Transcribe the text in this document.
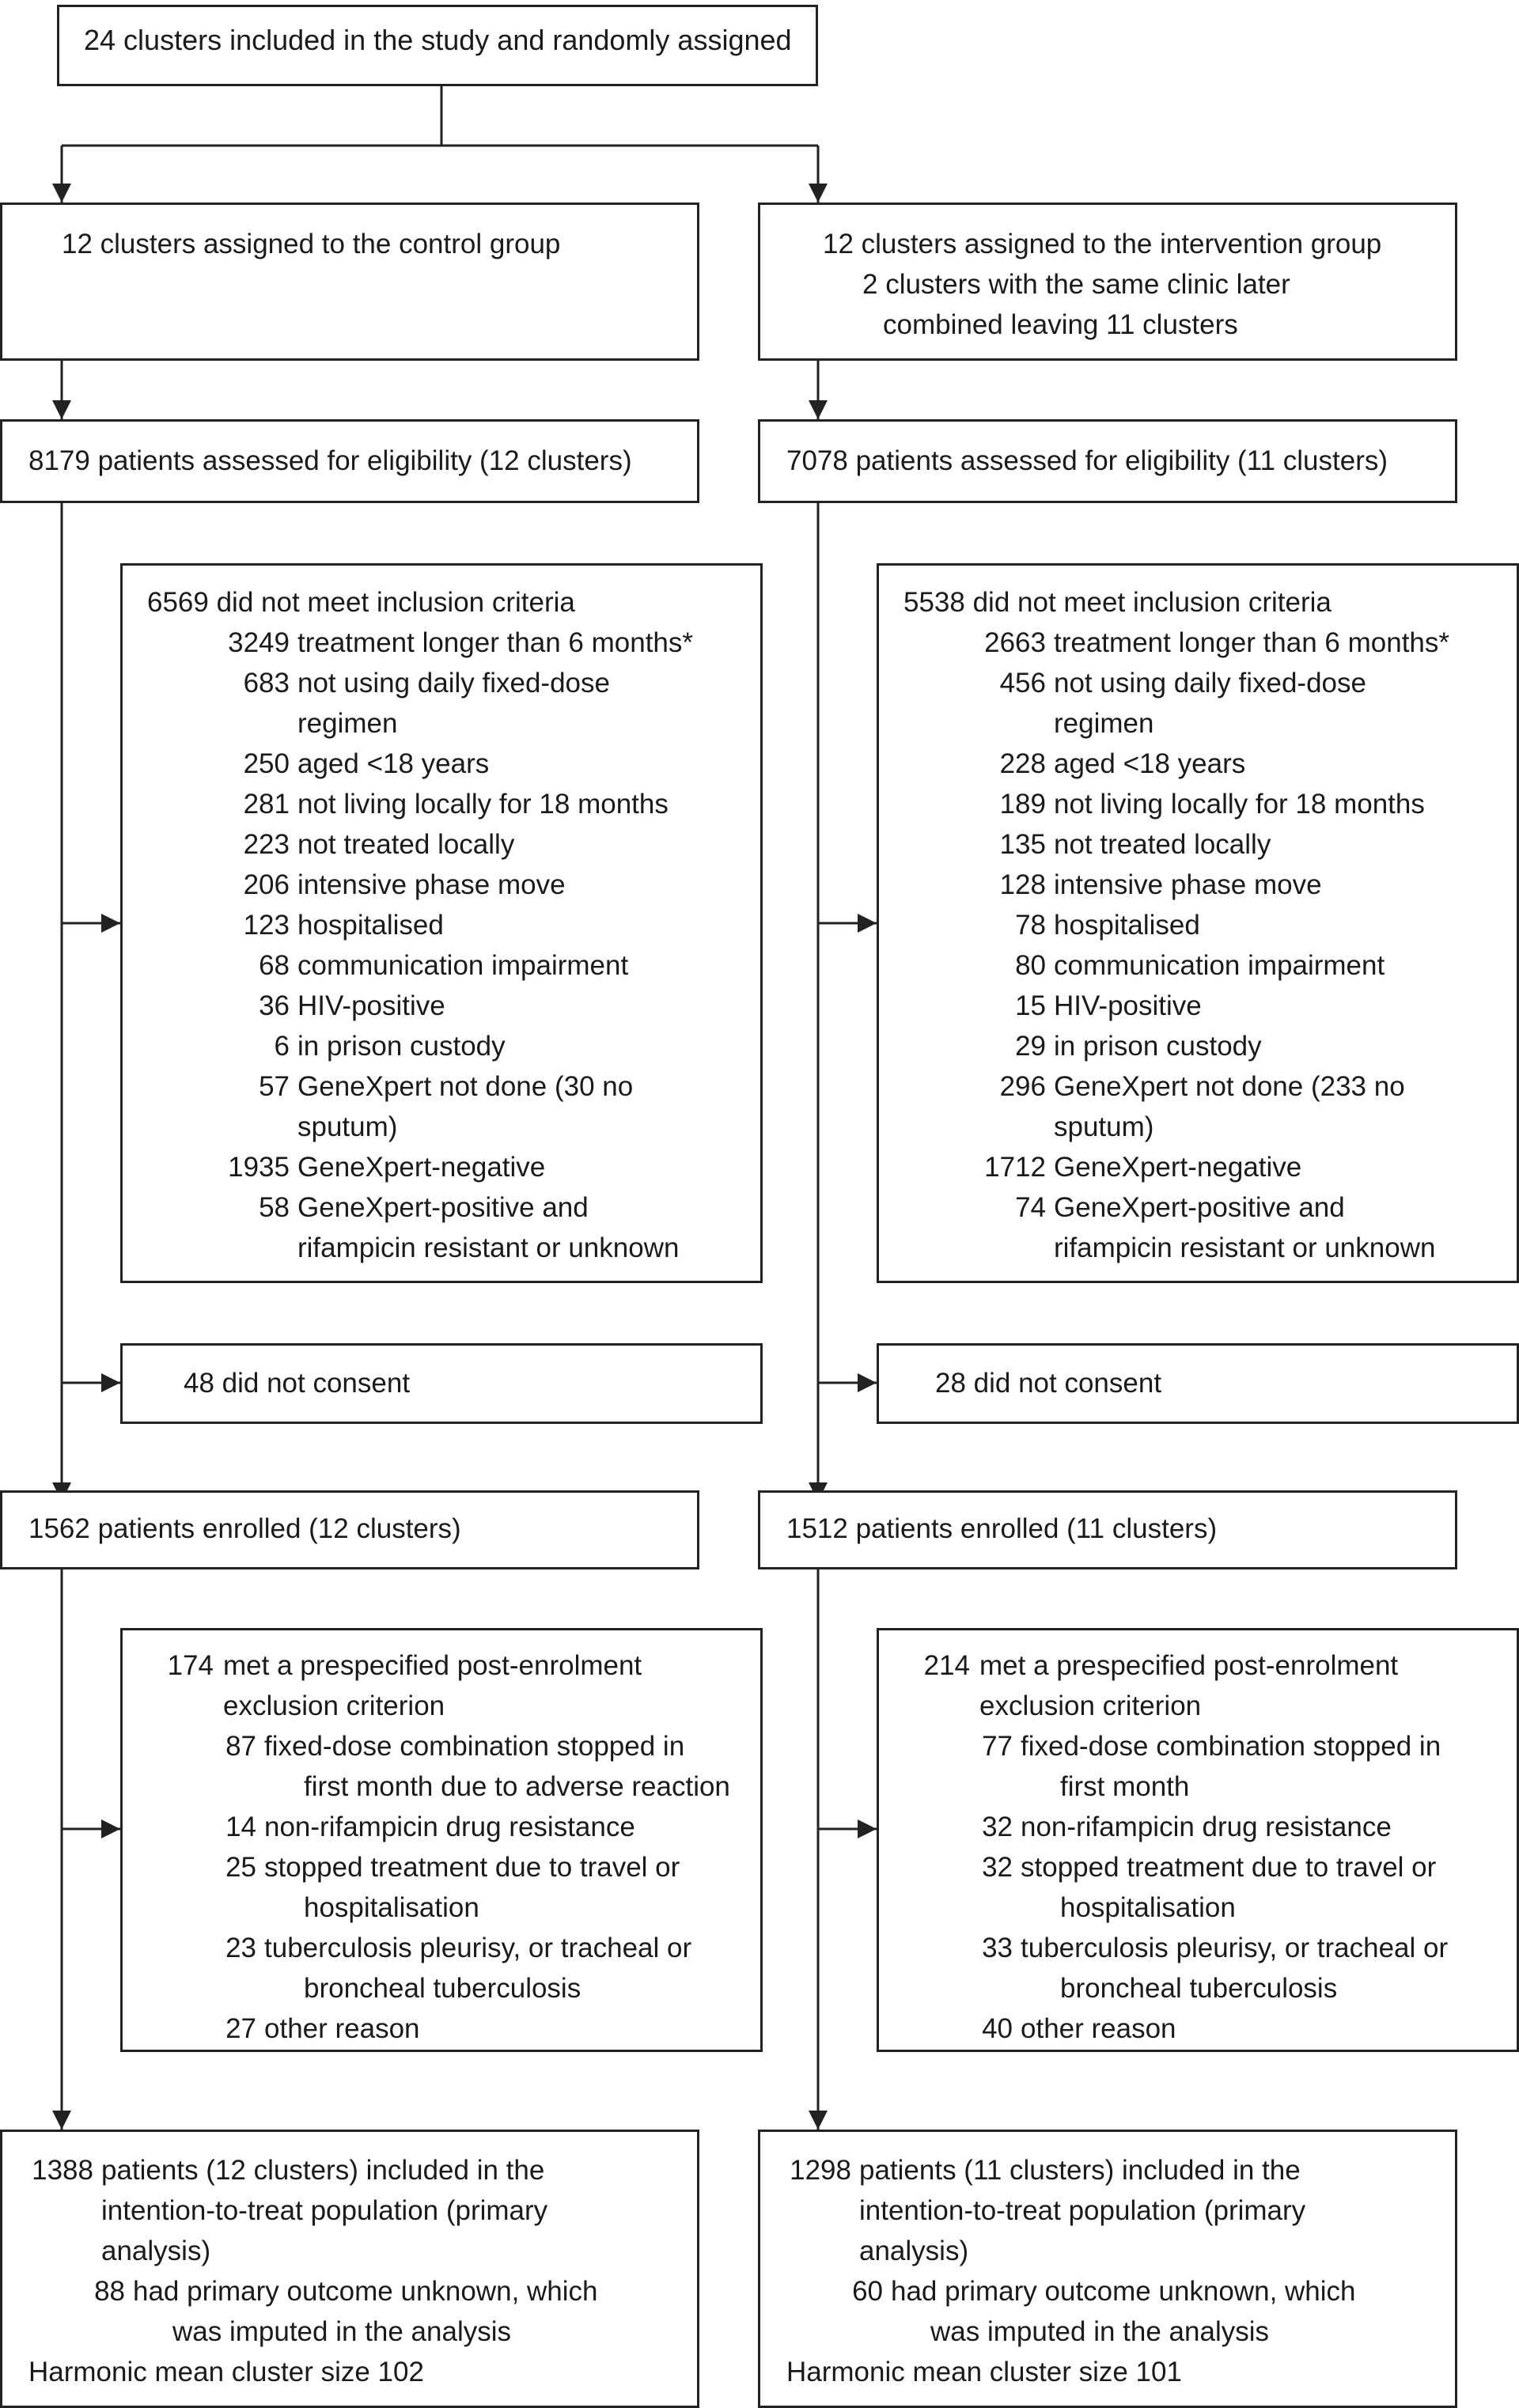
24 clusters included in the study and randomly assigned
12 clusters assigned to the control group	12 clusters assigned to the intervention group
2 clusters with the same clinic later
combined leaving 11 clusters
8179 patients assessed for eligibility (12 clusters)	7078 patients assessed for eligibility (11 clusters)
6569 did not meet inclusion criteria
3249 treatment longer than 6 months*
683 not using daily fixed-dose
regimen
250 aged <18 years
281 not living locally for 18 months
223 not treated locally
206 intensive phase move
123 hospitalised
68 communication impairment
36 HIV-positive
6 in prison custody
57 GeneXpert not done (30 no
sputum)
1935 GeneXpert-negative
58 GeneXpert-positive and
rifampicin resistant or unknown
5538 did not meet inclusion criteria
2663 treatment longer than 6 months*
456 not using daily fixed-dose
regimen
228 aged <18 years
189 not living locally for 18 months
135 not treated locally
128 intensive phase move
78 hospitalised
80 communication impairment
15 HIV-positive
29 in prison custody
296 GeneXpert not done (233 no
sputum)
1712 GeneXpert-negative
74 GeneXpert-positive and
rifampicin resistant or unknown
48 did not consent	28 did not consent
1562 patients enrolled (12 clusters)	1512 patients enrolled (11 clusters)
174 met a prespecified post-enrolment
exclusion criterion
87 fixed-dose combination stopped in
first month due to adverse reaction
14 non-rifampicin drug resistance
25 stopped treatment due to travel or
hospitalisation
23 tuberculosis pleurisy, or tracheal or
broncheal tuberculosis
27 other reason
214 met a prespecified post-enrolment
exclusion criterion
77 fixed-dose combination stopped in
first month
32 non-rifampicin drug resistance
32 stopped treatment due to travel or
hospitalisation
33 tuberculosis pleurisy, or tracheal or
broncheal tuberculosis
40 other reason
1388 patients (12 clusters) included in the
intention-to-treat population (primary
analysis)
88 had primary outcome unknown, which
was imputed in the analysis
Harmonic mean cluster size 102
1298 patients (11 clusters) included in the
intention-to-treat population (primary
analysis)
60 had primary outcome unknown, which
was imputed in the analysis
Harmonic mean cluster size 101
